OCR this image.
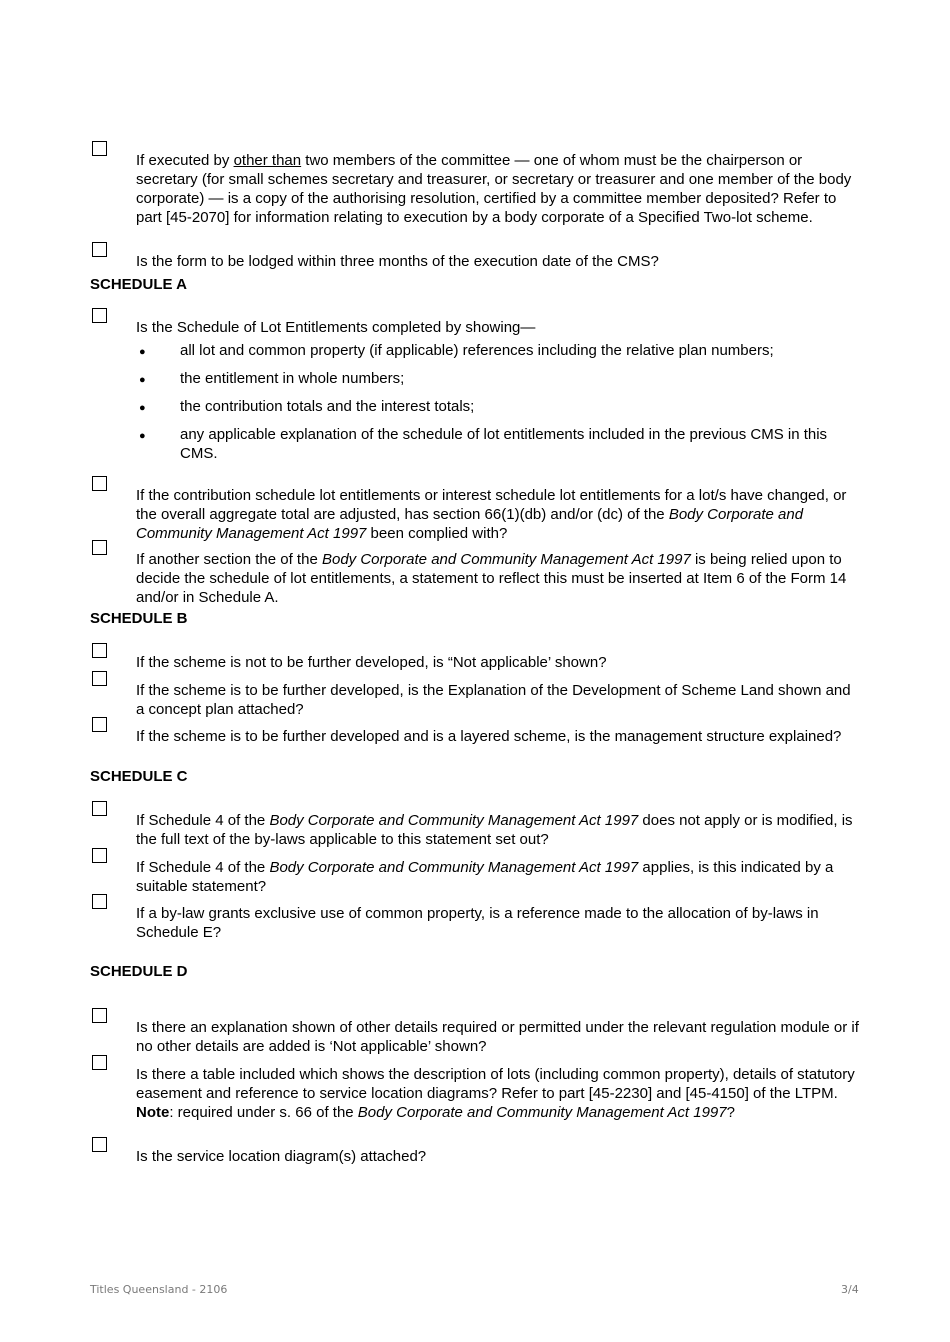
If executed by other than two members of the committee — one of whom must be the chairperson or secretary (for small schemes secretary and treasurer, or secretary or treasurer and one member of the body corporate) — is a copy of the authorising resolution, certified by a committee member deposited? Refer to part [45-2070] for information relating to execution by a body corporate of a Specified Two-lot scheme.
Is the form to be lodged within three months of the execution date of the CMS?
SCHEDULE A
Is the Schedule of Lot Entitlements completed by showing—
● all lot and common property (if applicable) references including the relative plan numbers;
● the entitlement in whole numbers;
● the contribution totals and the interest totals;
● any applicable explanation of the schedule of lot entitlements included in the previous CMS in this CMS.
If the contribution schedule lot entitlements or interest schedule lot entitlements for a lot/s have changed, or the overall aggregate total are adjusted, has section 66(1)(db) and/or (dc) of the Body Corporate and Community Management Act 1997 been complied with?
If another section the of the Body Corporate and Community Management Act 1997 is being relied upon to decide the schedule of lot entitlements, a statement to reflect this must be inserted at Item 6 of the Form 14 and/or in Schedule A.
SCHEDULE B
If the scheme is not to be further developed, is “Not applicable’ shown?
If the scheme is to be further developed, is the Explanation of the Development of Scheme Land shown and a concept plan attached?
If the scheme is to be further developed and is a layered scheme, is the management structure explained?
SCHEDULE C
If Schedule 4 of the Body Corporate and Community Management Act 1997 does not apply or is modified, is the full text of the by-laws applicable to this statement set out?
If Schedule 4 of the Body Corporate and Community Management Act 1997 applies, is this indicated by a suitable statement?
If a by-law grants exclusive use of common property, is a reference made to the allocation of by-laws in Schedule E?
SCHEDULE D
Is there an explanation shown of other details required or permitted under the relevant regulation module or if no other details are added is ‘Not applicable’ shown?
Is there a table included which shows the description of lots (including common property), details of statutory easement and reference to service location diagrams? Refer to part [45-2230] and [45-4150] of the LTPM. Note: required under s. 66 of the Body Corporate and Community Management Act 1997?
Is the service location diagram(s) attached?
Titles Queensland - 2106	3/4
